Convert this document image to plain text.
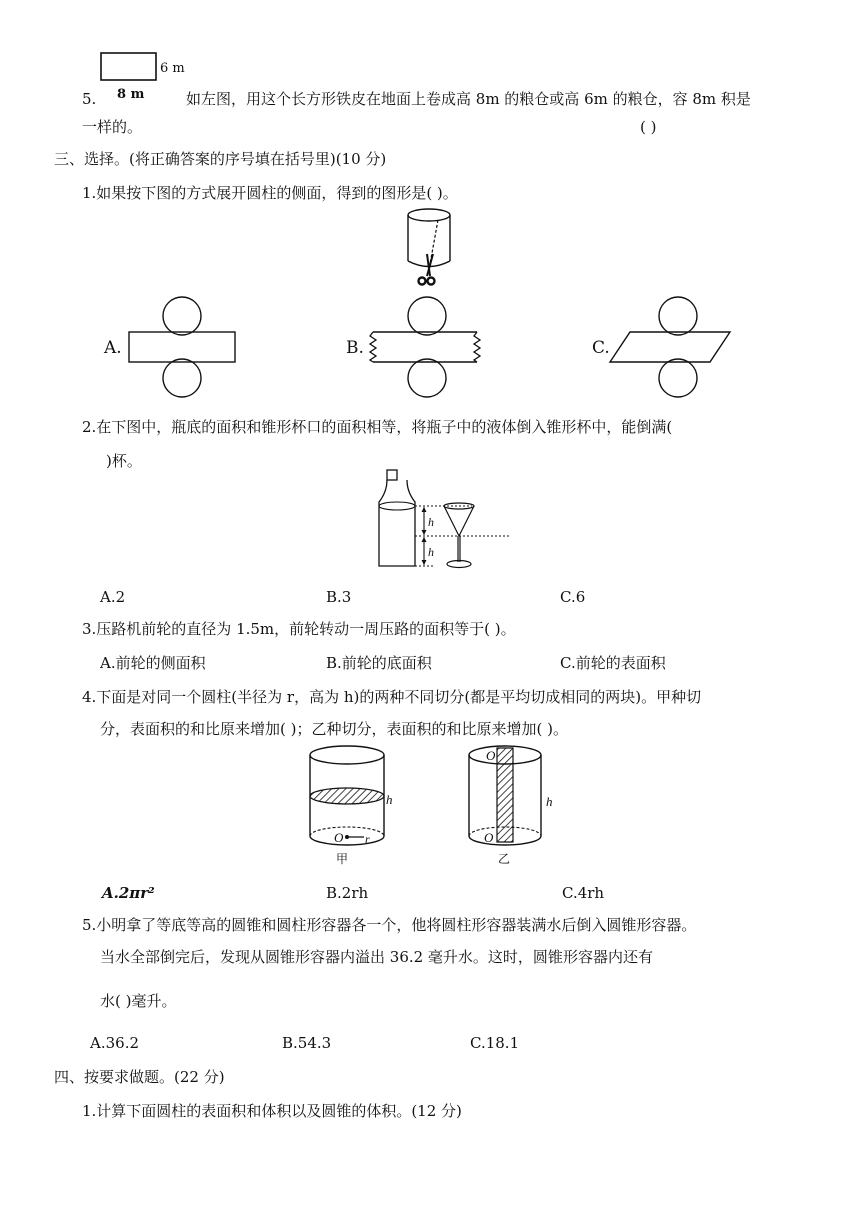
6 m
8 m
5.	如左图，用这个长方形铁皮在地面上卷成高 8m 的粮仓或高 6m 的粮仓，容 8m 积是
一样的。	( )
三、选择。(将正确答案的序号填在括号里)(10 分)
1.如果按下图的方式展开圆柱的侧面，得到的图形是( )。
A.	B.	C.
2.在下图中，瓶底的面积和锥形杯口的面积相等，将瓶子中的液体倒入锥形杯中，能倒满(
)杯。
h
h
A.2	B.3	C.6
3.压路机前轮的直径为 1.5m，前轮转动一周压路的面积等于( )。
A.前轮的侧面积	B.前轮的底面积	C.前轮的表面积
4.下面是对同一个圆柱(半径为 r，高为 h)的两种不同切分(都是平均切成相同的两块)。甲种切
分，表面积的和比原来增加( )；乙种切分，表面积的和比原来增加( )。
O r
h
甲
O
O
h
乙
A.2πr²	B.2rh	C.4rh
5.小明拿了等底等高的圆锥和圆柱形容器各一个，他将圆柱形容器装满水后倒入圆锥形容器。
当水全部倒完后，发现从圆锥形容器内溢出 36.2 毫升水。这时，圆锥形容器内还有
水( )毫升。
A.36.2	B.54.3	C.18.1
四、按要求做题。(22 分)
1.计算下面圆柱的表面积和体积以及圆锥的体积。(12 分)
